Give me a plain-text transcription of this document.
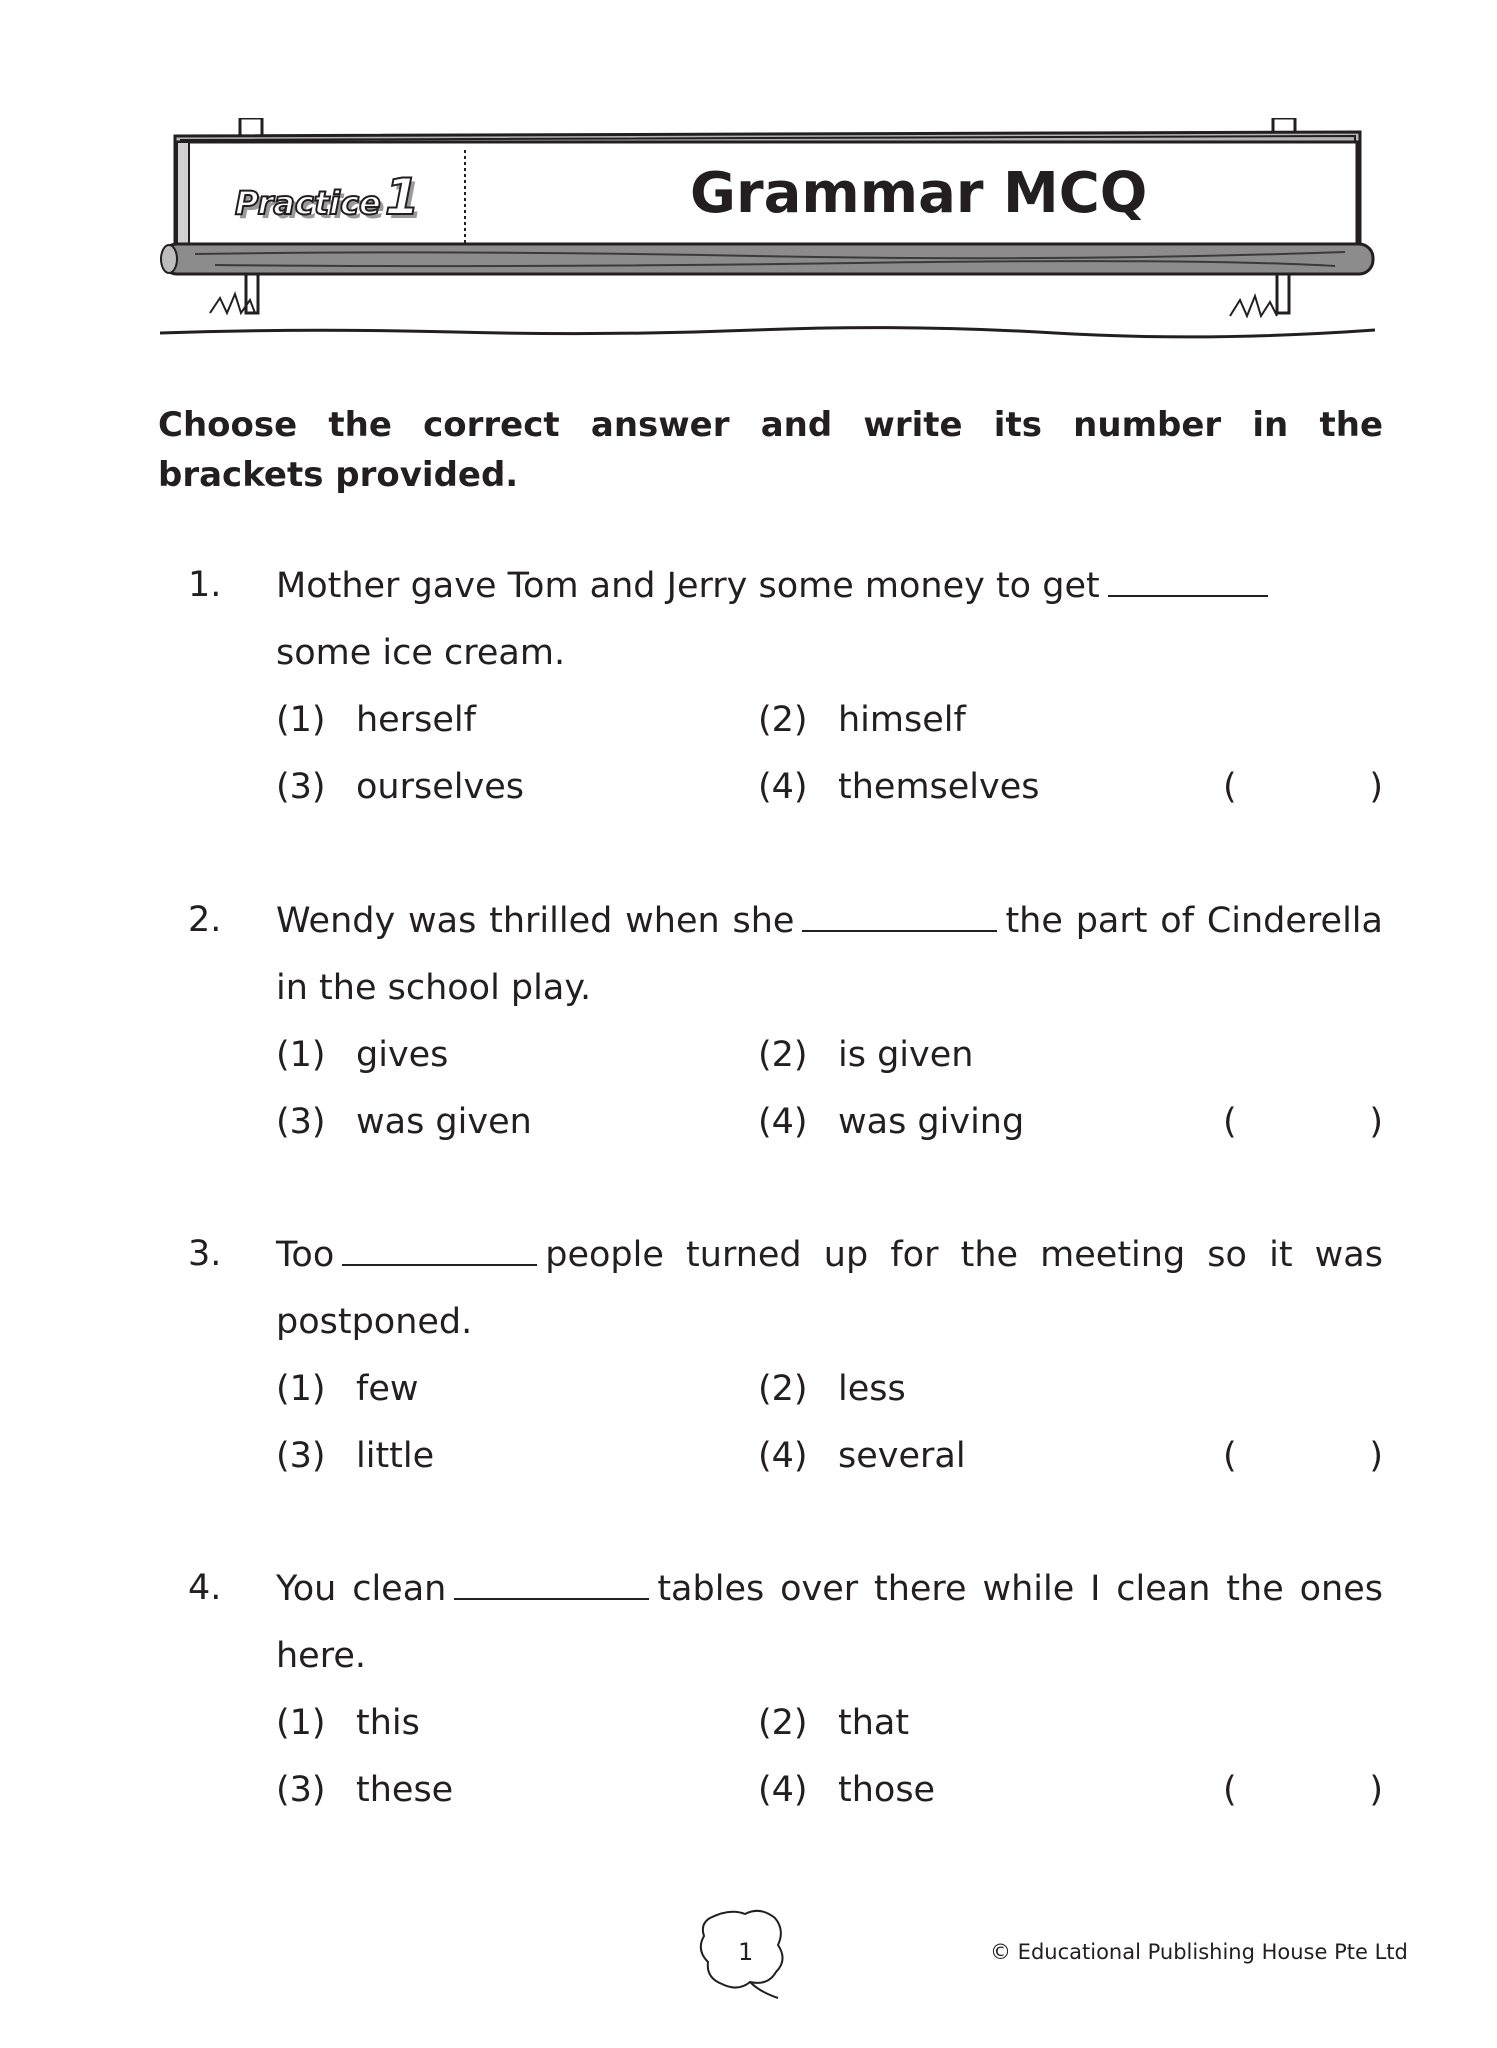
Practice1	Grammar MCQ
Choose the correct answer and write its number in the brackets provided.
1. Mother gave Tom and Jerry some money to get
some ice cream.
(1) herself	(2) himself
(3) ourselves	(4) themselves	(	)
2. Wendy was thrilled when she	the part of Cinderella in the school play.
(1) gives	(2) is given
(3) was given	(4) was giving	(	)
3. Too	people turned up for the meeting so it was postponed.
(1) few	(2) less
(3) little	(4) several	(	)
4. You clean	tables over there while I clean the ones here.
(1) this	(2) that
(3) these	(4) those	(	)
1	© Educational Publishing House Pte Ltd
